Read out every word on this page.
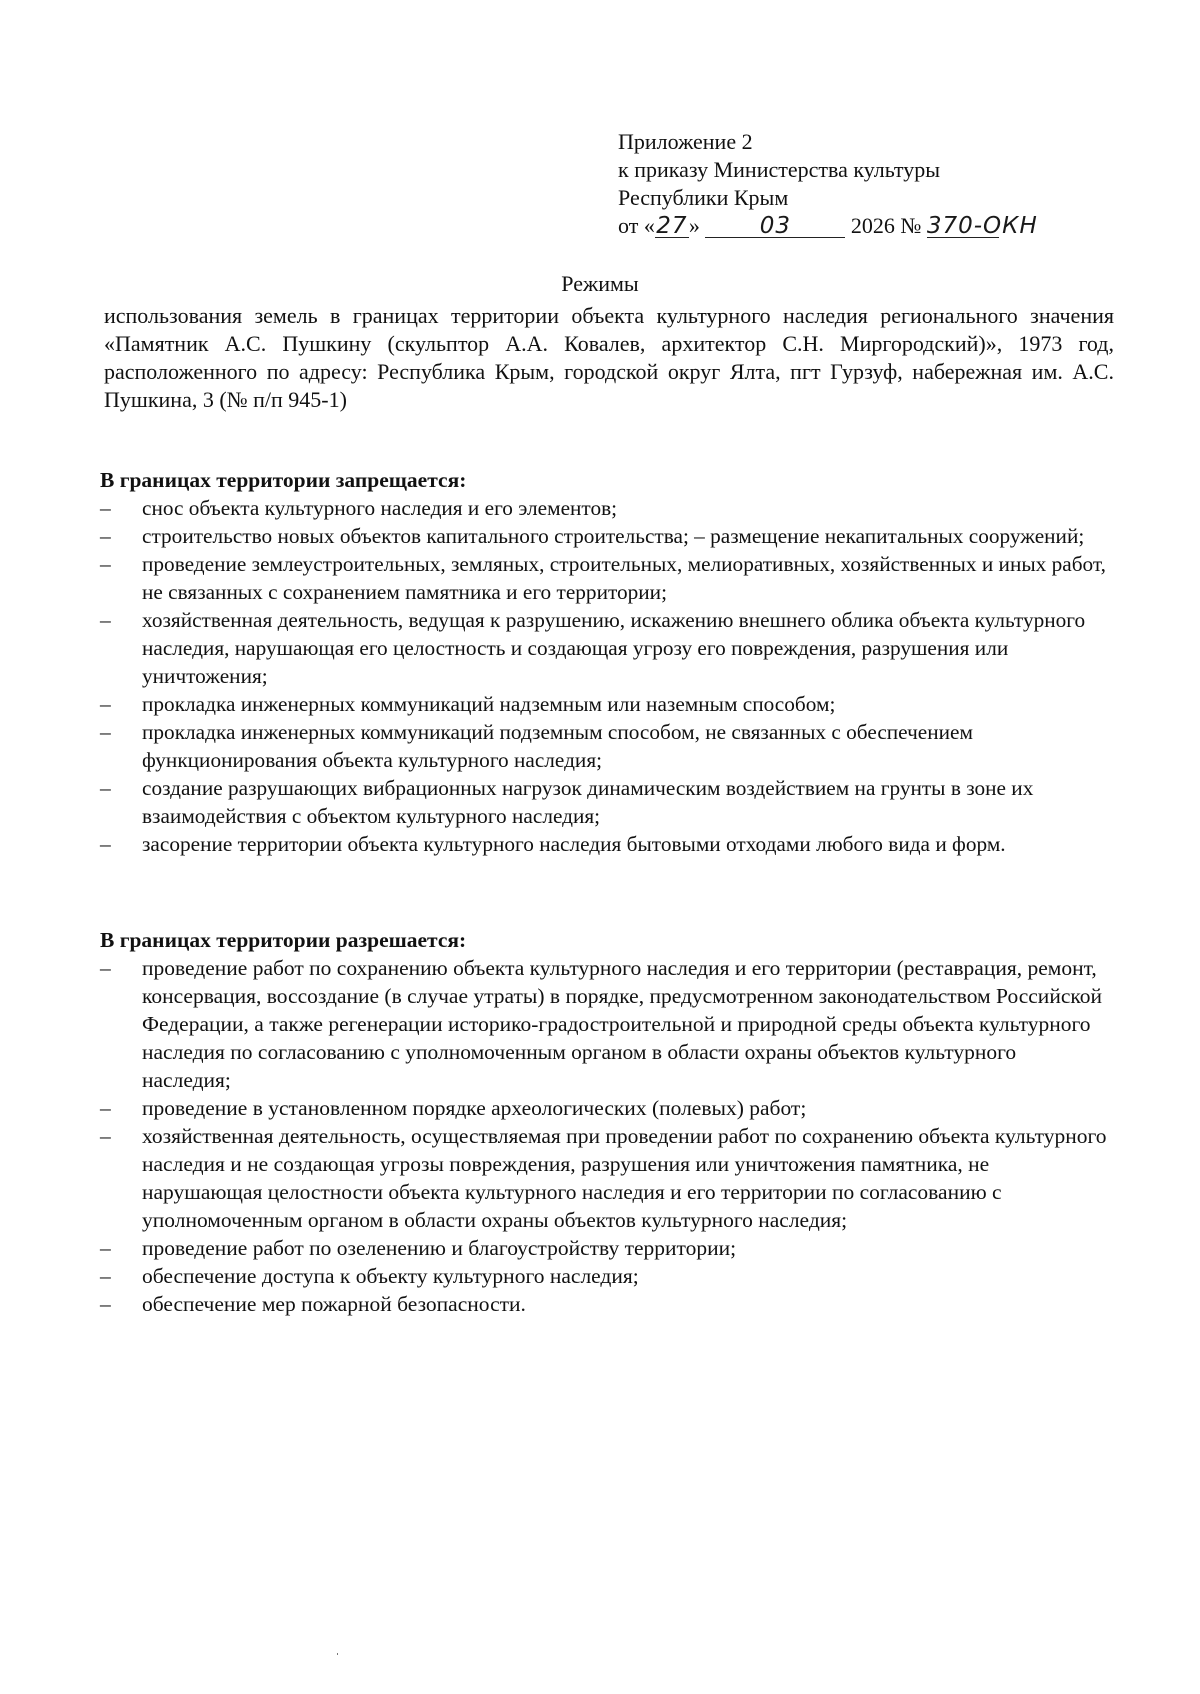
Приложение 2
к приказу Министерства культуры
Республики Крым
от «27»	03	2026 № 370-ОКН
Режимы
использования земель в границах территории объекта культурного наследия регионального значения «Памятник А.С. Пушкину (скульптор А.А. Ковалев, архитектор С.Н. Миргородский)», 1973 год, расположенного по адресу: Республика Крым, городской округ Ялта, пгт Гурзуф, набережная им. А.С. Пушкина, 3 (№ п/п 945-1)

В границах территории запрещается:

– снос объекта культурного наследия и его элементов;
– строительство новых объектов капитального строительства; – размещение некапитальных сооружений;
– проведение землеустроительных, земляных, строительных, мелиоративных, хозяйственных и иных работ, не связанных с сохранением памятника и его территории;
– хозяйственная деятельность, ведущая к разрушению, искажению внешнего облика объекта культурного наследия, нарушающая его целостность и создающая угрозу его повреждения, разрушения или уничтожения;
– прокладка инженерных коммуникаций надземным или наземным способом;
– прокладка инженерных коммуникаций подземным способом, не связанных с обеспечением функционирования объекта культурного наследия;
– создание разрушающих вибрационных нагрузок динамическим воздействием на грунты в зоне их взаимодействия с объектом культурного наследия;
– засорение территории объекта культурного наследия бытовыми отходами любого вида и форм.

В границах территории разрешается:

– проведение работ по сохранению объекта культурного наследия и его территории (реставрация, ремонт, консервация, воссоздание (в случае утраты) в порядке, предусмотренном законодательством Российской Федерации, а также регенерации историко-градостроительной и природной среды объекта культурного наследия по согласованию с уполномоченным органом в области охраны объектов культурного наследия;
– проведение в установленном порядке археологических (полевых) работ;
– хозяйственная деятельность, осуществляемая при проведении работ по сохранению объекта культурного наследия и не создающая угрозы повреждения, разрушения или уничтожения памятника, не нарушающая целостности объекта культурного наследия и его территории по согласованию с уполномоченным органом в области охраны объектов культурного наследия;
– проведение работ по озеленению и благоустройству территории;
– обеспечение доступа к объекту культурного наследия;
– обеспечение мер пожарной безопасности.
